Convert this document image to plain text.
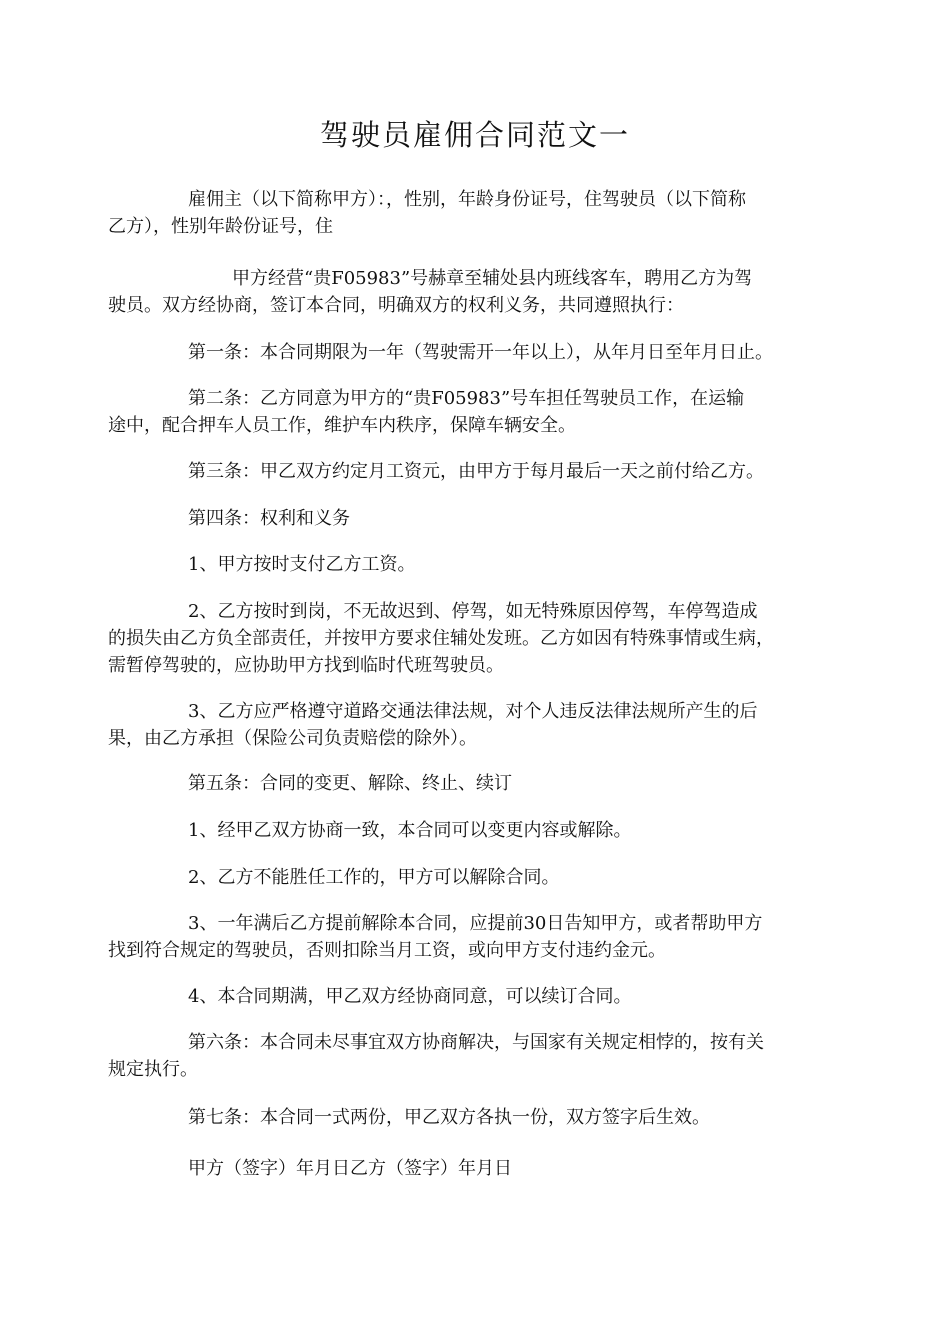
驾驶员雇佣合同范文一
雇佣主（以下简称甲方）：，性别，年龄身份证号，住驾驶员（以下简称
乙方），性别年龄份证号，住
甲方经营“贵F05983”号赫章至辅处县内班线客车，聘用乙方为驾
驶员。双方经协商，签订本合同，明确双方的权利义务，共同遵照执行：
第一条：本合同期限为一年（驾驶需开一年以上），从年月日至年月日止。
第二条：乙方同意为甲方的“贵F05983”号车担任驾驶员工作，在运输
途中，配合押车人员工作，维护车内秩序，保障车辆安全。
第三条：甲乙双方约定月工资元，由甲方于每月最后一天之前付给乙方。
第四条：权利和义务
1、甲方按时支付乙方工资。
2、乙方按时到岗，不无故迟到、停驾，如无特殊原因停驾，车停驾造成
的损失由乙方负全部责任，并按甲方要求住辅处发班。乙方如因有特殊事情或生病，
需暂停驾驶的，应协助甲方找到临时代班驾驶员。
3、乙方应严格遵守道路交通法律法规，对个人违反法律法规所产生的后
果，由乙方承担（保险公司负责赔偿的除外）。
第五条：合同的变更、解除、终止、续订
1、经甲乙双方协商一致，本合同可以变更内容或解除。
2、乙方不能胜任工作的，甲方可以解除合同。
3、一年满后乙方提前解除本合同，应提前30日告知甲方，或者帮助甲方
找到符合规定的驾驶员，否则扣除当月工资，或向甲方支付违约金元。
4、本合同期满，甲乙双方经协商同意，可以续订合同。
第六条：本合同未尽事宜双方协商解决，与国家有关规定相悖的，按有关
规定执行。
第七条：本合同一式两份，甲乙双方各执一份，双方签字后生效。
甲方（签字）年月日乙方（签字）年月日
